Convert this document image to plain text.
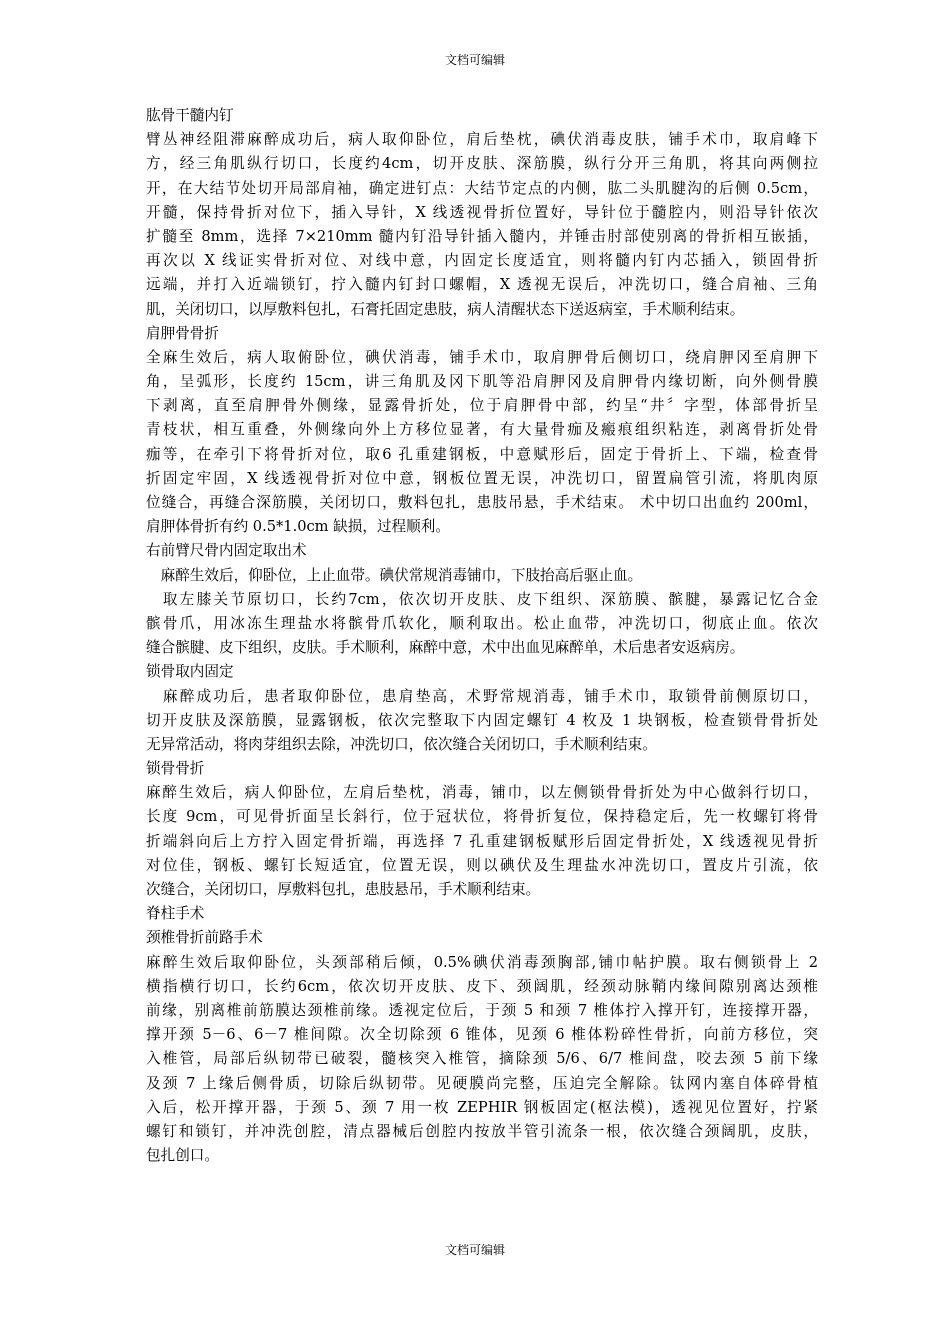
文档可编辑
肱骨干髓内钉
臂丛神经阻滞麻醉成功后，病人取仰卧位，肩后垫枕，碘伏消毒皮肤，铺手术巾，取肩峰下
方，经三角肌纵行切口，长度约4cm，切开皮肤、深筋膜，纵行分开三角肌，将其向两侧拉
开，在大结节处切开局部肩袖，确定进钉点：大结节定点的内侧，肱二头肌腱沟的后侧 0.5cm，
开髓，保持骨折对位下，插入导针，X 线透视骨折位置好，导针位于髓腔内，则沿导针依次
扩髓至 8mm，选择 7×210mm 髓内钉沿导针插入髓内，并锤击肘部使别离的骨折相互嵌插，
再次以 X 线证实骨折对位、对线中意，内固定长度适宜，则将髓内钉内芯插入，锁固骨折
远端，并打入近端锁钉，拧入髓内钉封口螺帽，X 透视无误后，冲洗切口，缝合肩袖、三角
肌，关闭切口，以厚敷料包扎，石膏托固定患肢，病人清醒状态下送返病室，手术顺利结束。
肩胛骨骨折
全麻生效后，病人取俯卧位，碘伏消毒，铺手术巾，取肩胛骨后侧切口，绕肩胛冈至肩胛下
角，呈弧形，长度约 15cm，讲三角肌及冈下肌等沿肩胛冈及肩胛骨内缘切断，向外侧骨膜
下剥离，直至肩胛骨外侧缘，显露骨折处，位于肩胛骨中部，约呈“井〞字型，体部骨折呈
青枝状，相互重叠，外侧缘向外上方移位显著，有大量骨痂及瘢痕组织粘连，剥离骨折处骨
痂等，在牵引下将骨折对位，取6 孔重建钢板，中意赋形后，固定于骨折上、下端，检查骨
折固定牢固，X 线透视骨折对位中意，钢板位置无误，冲洗切口，留置扁管引流，将肌肉原
位缝合，再缝合深筋膜，关闭切口，敷料包扎，患肢吊悬，手术结束。 术中切口出血约 200ml，
肩胛体骨折有约 0.5*1.0cm 缺损，过程顺利。
右前臂尺骨内固定取出术
　麻醉生效后，仰卧位，上止血带。碘伏常规消毒铺巾，下肢抬高后驱止血。
　取左膝关节原切口，长约7cm，依次切开皮肤、皮下组织、深筋膜、髌腱，暴露记忆合金
髌骨爪，用冰冻生理盐水将髌骨爪软化，顺利取出。松止血带，冲洗切口，彻底止血。依次
缝合髌腱、皮下组织，皮肤。手术顺利，麻醉中意，术中出血见麻醉单，术后患者安返病房。
锁骨取内固定
　麻醉成功后，患者取仰卧位，患肩垫高，术野常规消毒，铺手术巾，取锁骨前侧原切口，
切开皮肤及深筋膜，显露钢板，依次完整取下内固定螺钉 4 枚及 1 块钢板，检查锁骨骨折处
无异常活动，将肉芽组织去除，冲洗切口，依次缝合关闭切口，手术顺利结束。
锁骨骨折
麻醉生效后，病人仰卧位，左肩后垫枕，消毒，铺巾，以左侧锁骨骨折处为中心做斜行切口，
长度 9cm，可见骨折面呈长斜行，位于冠状位，将骨折复位，保持稳定后，先一枚螺钉将骨
折端斜向后上方拧入固定骨折端，再选择 7 孔重建钢板赋形后固定骨折处，X 线透视见骨折
对位佳，钢板、螺钉长短适宜，位置无误，则以碘伏及生理盐水冲洗切口，置皮片引流，依
次缝合，关闭切口，厚敷料包扎，患肢悬吊，手术顺利结束。
脊柱手术
颈椎骨折前路手术
麻醉生效后取仰卧位，头颈部稍后倾，0.5%碘伏消毒颈胸部,铺巾帖护膜。取右侧锁骨上 2
横指横行切口，长约6cm，依次切开皮肤、皮下、颈阔肌，经颈动脉鞘内缘间隙别离达颈椎
前缘，别离椎前筋膜达颈椎前缘。透视定位后，于颈 5 和颈 7 椎体拧入撑开钉，连接撑开器，
撑开颈 5－6、6－7 椎间隙。次全切除颈 6 锥体，见颈 6 椎体粉碎性骨折，向前方移位，突
入椎管，局部后纵韧带已破裂，髓核突入椎管，摘除颈 5/6、6/7 椎间盘，咬去颈 5 前下缘
及颈 7 上缘后侧骨质，切除后纵韧带。见硬膜尚完整，压迫完全解除。钛网内塞自体碎骨植
入后，松开撑开器，于颈 5、颈 7 用一枚 ZEPHIR 钢板固定(枢法模)，透视见位置好，拧紧
螺钉和锁钉，并冲洗创腔，清点器械后创腔内按放半管引流条一根，依次缝合颈阔肌，皮肤，
包扎创口。
文档可编辑
